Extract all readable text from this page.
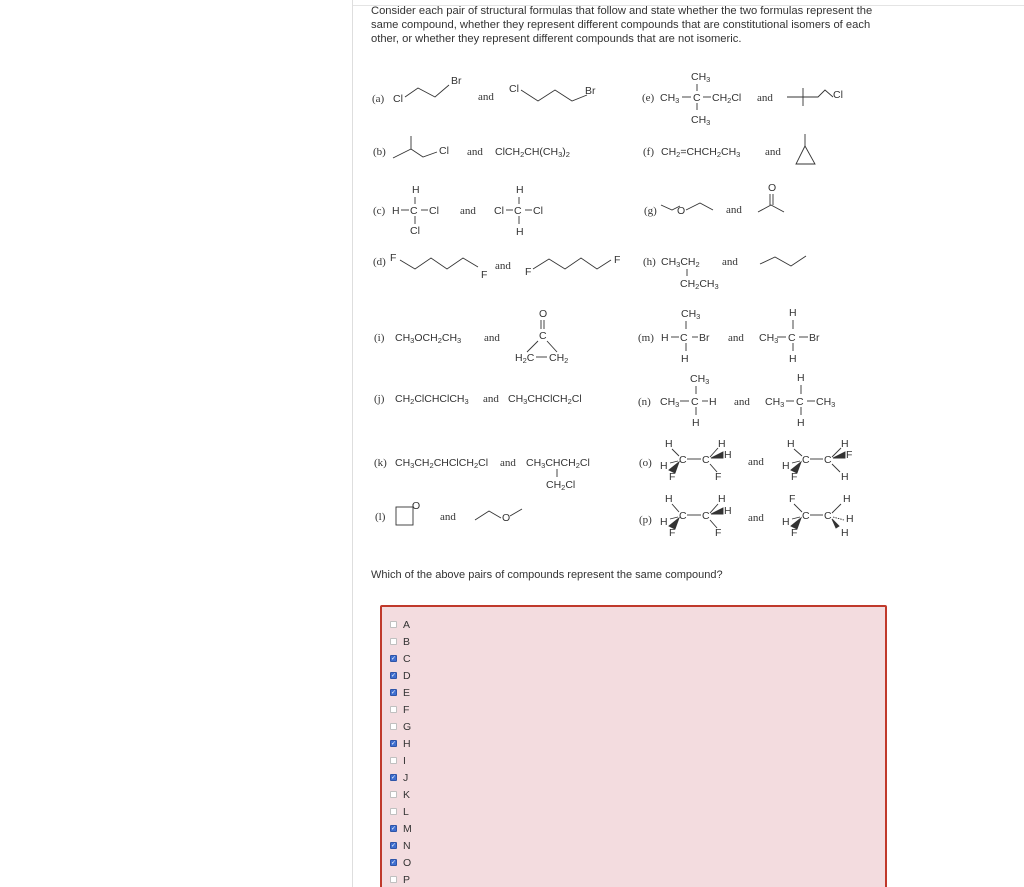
Consider each pair of structural formulas that follow and state whether the two formulas represent the same compound, whether they represent different compounds that are constitutional isomers of each other, or whether they represent different compounds that are not isomeric.

(a) Cl
Br
and
Cl	Br
(e)
CH3
CH3 C CH2Cl
CH3
and	Cl
(b)	Cl and ClCH2CH(CH3)2	(f) CH2=CHCH2CH3 and
(c)
H
H C Cl
Cl
and
H
Cl C Cl
H
(g) O	and
O
(d) F
F
and F
F (h) CH3CH2
CH2CH3
and
(i) CH3OCH2CH3 and
O
C
H2C CH2
(m)
CH3
H C Br
H
and CH3
H
C Br
H
(n)
CH3
CH3 C H
H
and
H
CH3 C CH3
H
(j) CH2ClCHClCH3 and CH3CHClCH2Cl
(k) CH3CH2CHClCH2Cl and CH3CHCH2Cl
CH2Cl
(o)
H
H
F
C C
H
H
F
and
H
H
F
C C
H
F
H
(l)
O
and	O	(p)
H
H
F
C C
H
H
F
and
F
H
F
C C
H
H
H

Which of the above pairs of compounds represent the same compound?

A
B
✓
C
✓
D
✓
E
F
G
✓
H
I
✓
J
K
L
✓
M
✓
N
✓
O
P
